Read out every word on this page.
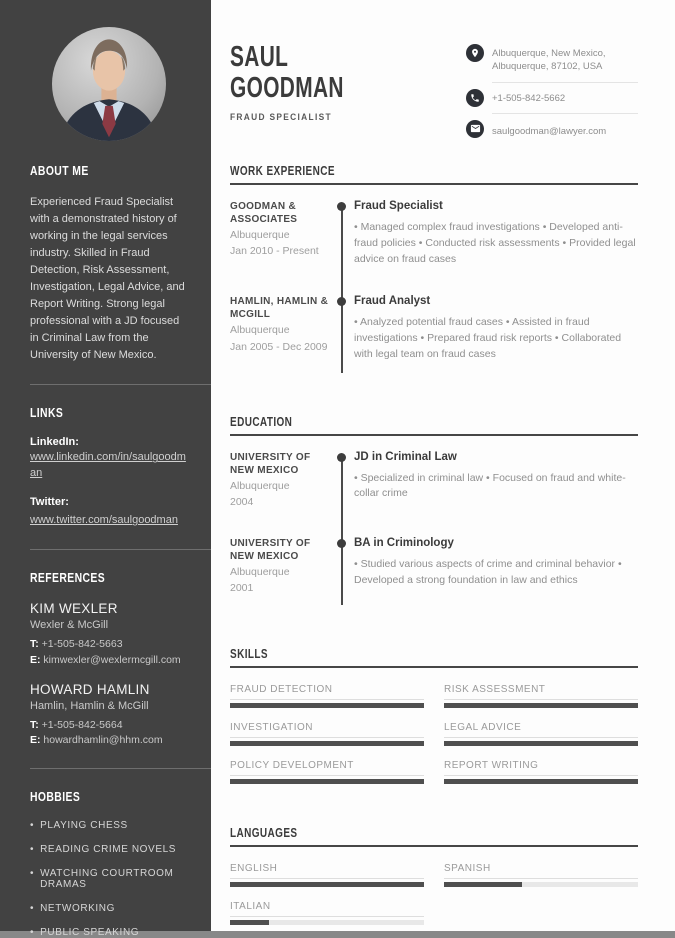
ABOUT ME

Experienced Fraud Specialist with a demonstrated history of working in the legal services industry. Skilled in Fraud Detection, Risk Assessment, Investigation, Legal Advice, and Report Writing. Strong legal professional with a JD focused in Criminal Law from the University of New Mexico.

LINKS
LinkedIn:
www.linkedin.com/in/saulgoodman
Twitter:
www.twitter.com/saulgoodman
REFERENCES
KIM WEXLER
Wexler & McGill
T: +1-505-842-5663
E: kimwexler@wexlermcgill.com
HOWARD HAMLIN
Hamlin, Hamlin & McGill
T: +1-505-842-5664
E: howardhamlin@hhm.com
HOBBIES
• PLAYING CHESS
• READING CRIME NOVELS
• WATCHING COURTROOM DRAMAS
• NETWORKING
• PUBLIC SPEAKING
SAUL
GOODMAN
FRAUD SPECIALIST
Albuquerque, New Mexico,
Albuquerque, 87102, USA
+1-505-842-5662
saulgoodman@lawyer.com
WORK EXPERIENCE
GOODMAN & ASSOCIATES
Albuquerque
Jan 2010 - Present
Fraud Specialist
• Managed complex fraud investigations • Developed anti-fraud policies • Conducted risk assessments • Provided legal advice on fraud cases
HAMLIN, HAMLIN & MCGILL
Albuquerque
Jan 2005 - Dec 2009
Fraud Analyst
• Analyzed potential fraud cases • Assisted in fraud investigations • Prepared fraud risk reports • Collaborated with legal team on fraud cases
EDUCATION
UNIVERSITY OF NEW MEXICO
Albuquerque
2004
JD in Criminal Law
• Specialized in criminal law • Focused on fraud and white-collar crime
UNIVERSITY OF NEW MEXICO
Albuquerque
2001
BA in Criminology
• Studied various aspects of crime and criminal behavior • Developed a strong foundation in law and ethics
SKILLS
FRAUD DETECTION	RISK ASSESSMENT
INVESTIGATION	LEGAL ADVICE
POLICY DEVELOPMENT	REPORT WRITING
LANGUAGES
ENGLISH	SPANISH
ITALIAN
